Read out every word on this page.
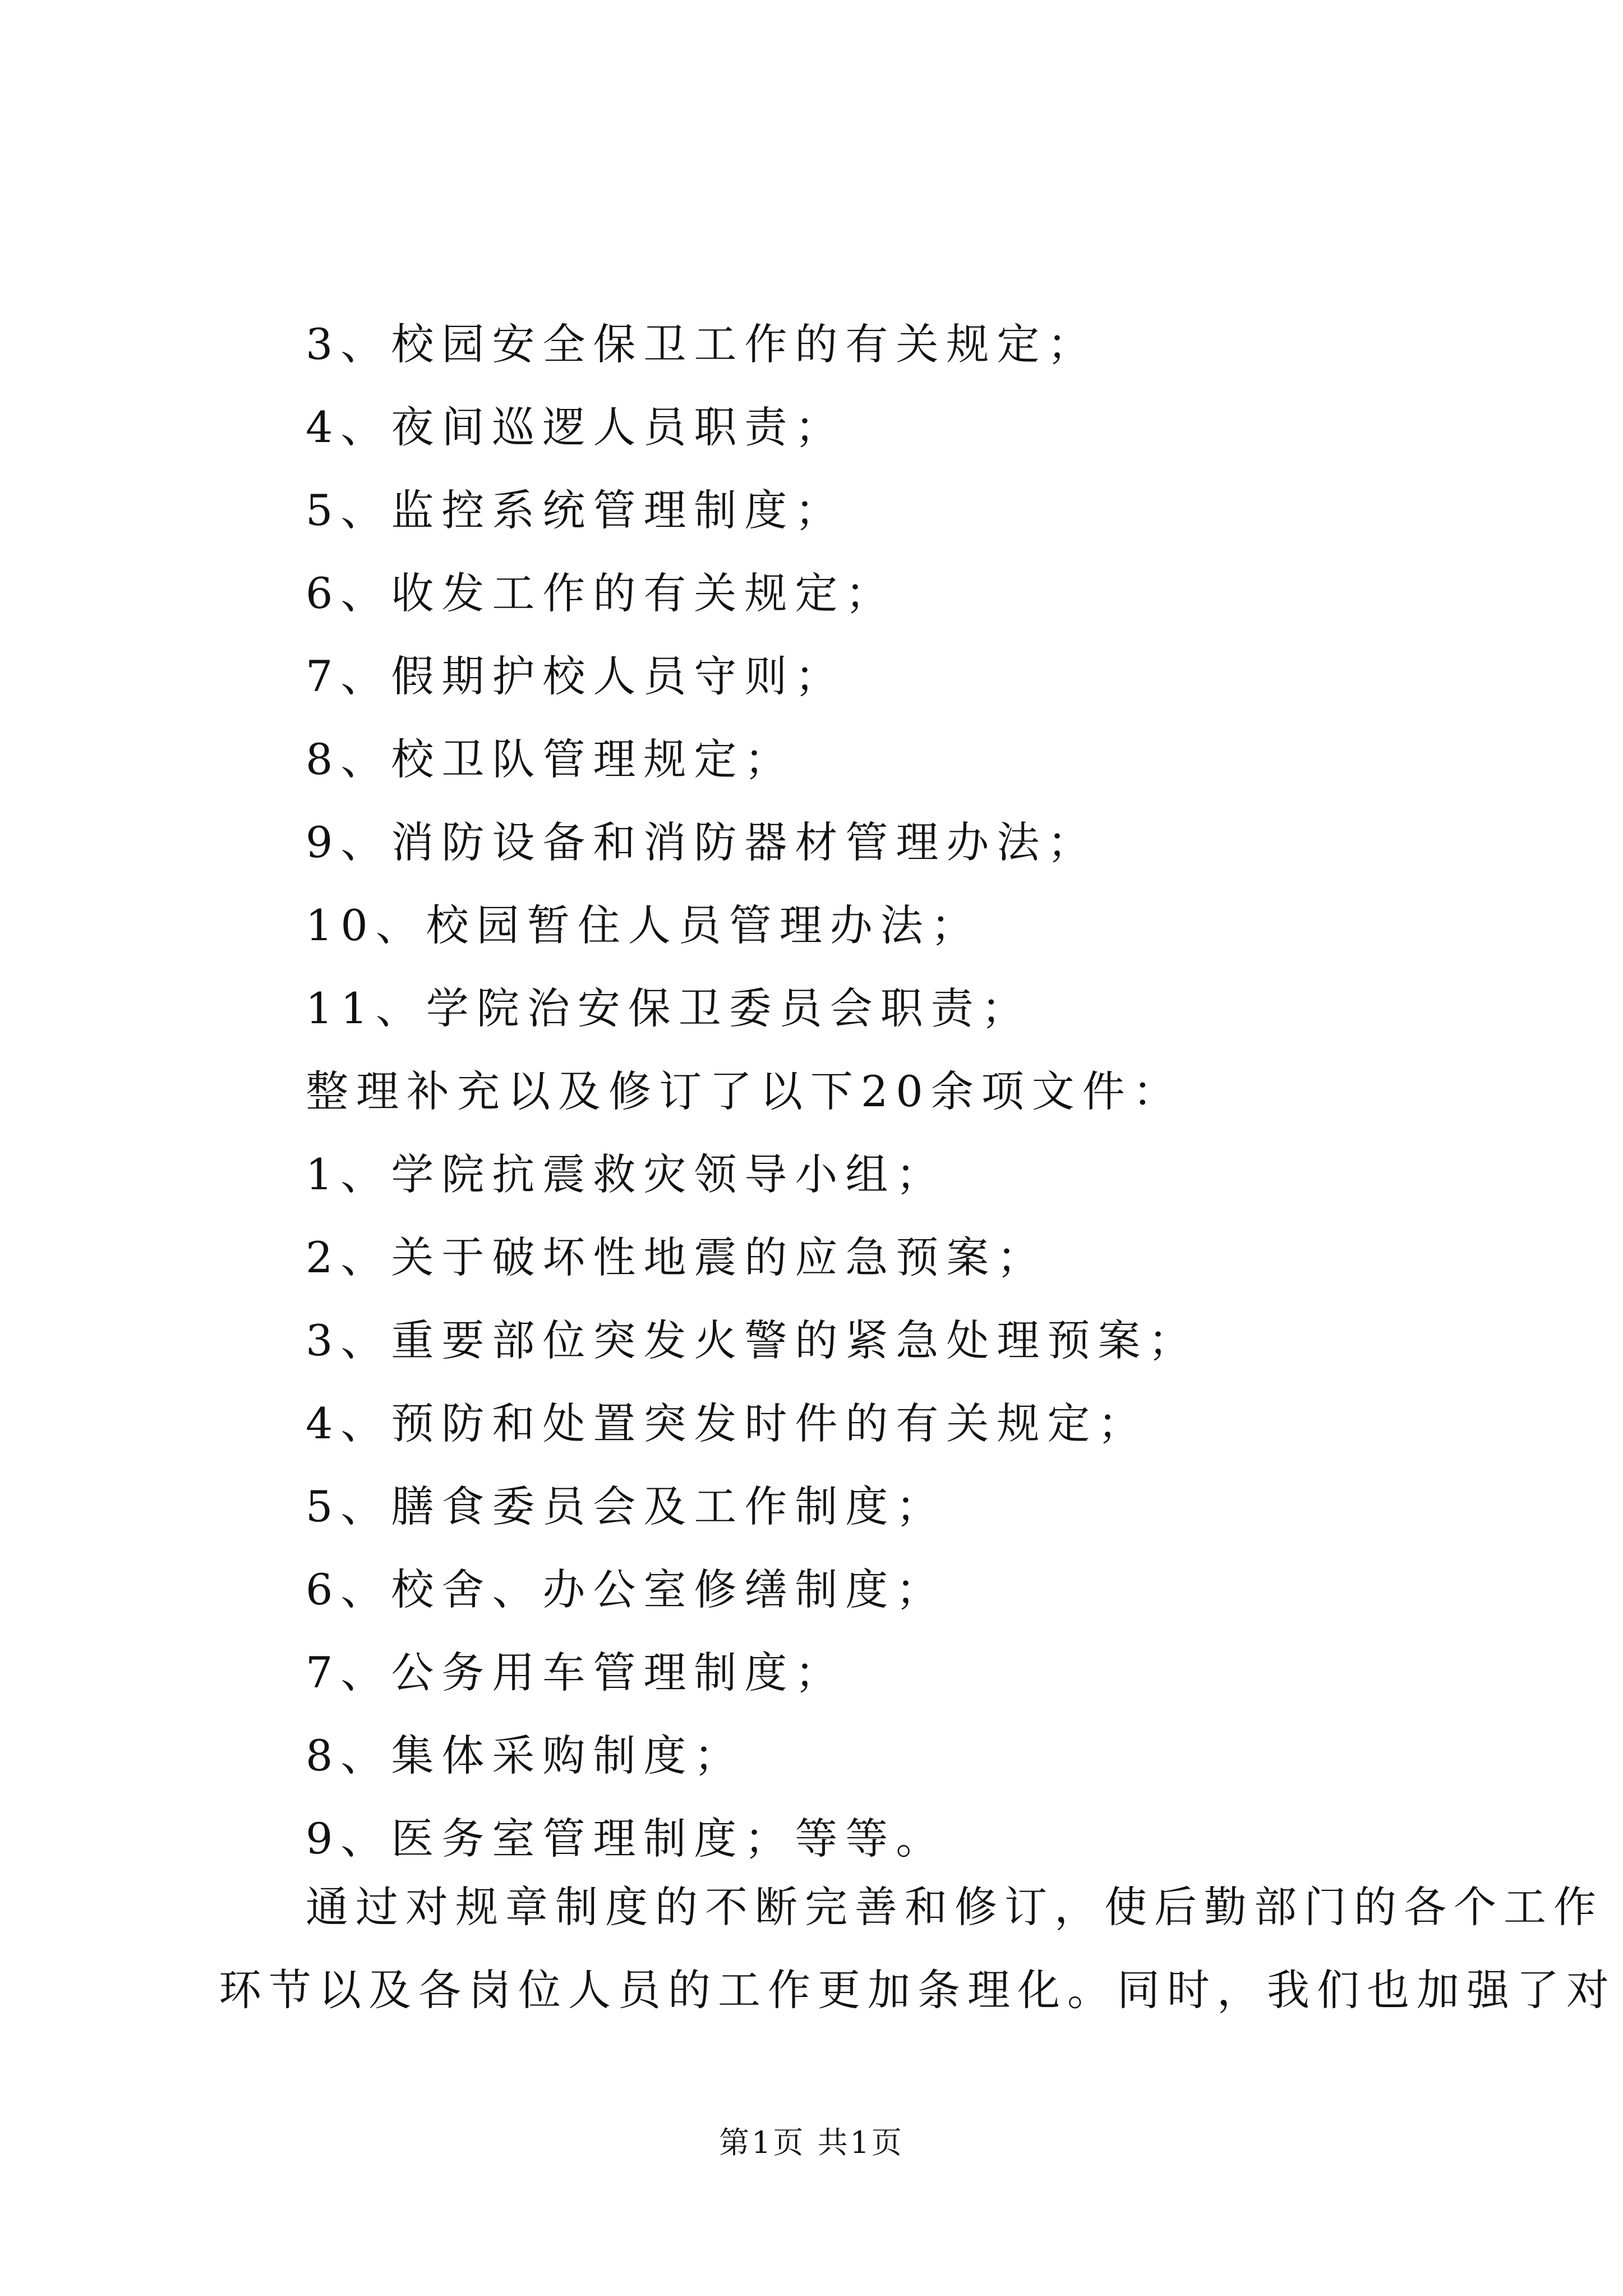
3、校园安全保卫工作的有关规定；
4、夜间巡逻人员职责；
5、监控系统管理制度；
6、收发工作的有关规定；
7、假期护校人员守则；
8、校卫队管理规定；
9、消防设备和消防器材管理办法；
10、校园暂住人员管理办法；
11、学院治安保卫委员会职责；
整理补充以及修订了以下20余项文件：
1、学院抗震救灾领导小组；
2、关于破坏性地震的应急预案；
3、重要部位突发火警的紧急处理预案；
4、预防和处置突发时件的有关规定；
5、膳食委员会及工作制度；
6、校舍、办公室修缮制度；
7、公务用车管理制度；
8、集体采购制度；
9、医务室管理制度；等等。
通过对规章制度的不断完善和修订，使后勤部门的各个工作
环节以及各岗位人员的工作更加条理化。同时，我们也加强了对
第1页 共1页
